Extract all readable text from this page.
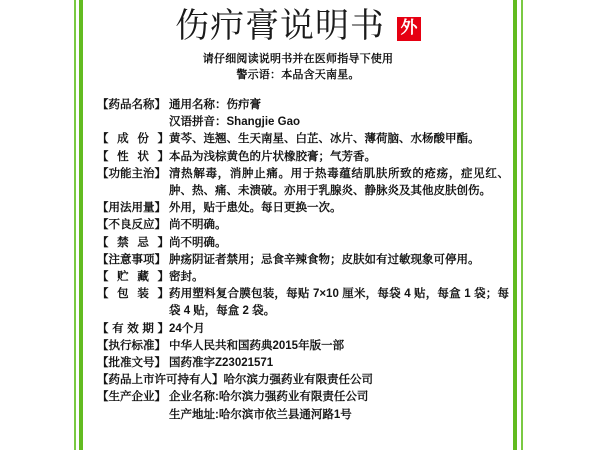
伤疖膏说明书 外
请仔细阅读说明书并在医师指导下使用
警示语：本品含天南星。
【药品名称】 通用名称：伤疖膏
汉语拼音：Shangjie Gao
【 成 份 】 黄芩、连翘、生天南星、白芷、冰片、薄荷脑、水杨酸甲酯。
【 性 状 】 本品为浅棕黄色的片状橡胶膏；气芳香。
【功能主治】 清热解毒，消肿止痛。用于热毒蕴结肌肤所致的疮疡，症见红、肿、热、痛、未溃破。亦用于乳腺炎、静脉炎及其他皮肤创伤。
【用法用量】 外用，贴于患处。每日更换一次。
【不良反应】 尚不明确。
【 禁 忌 】 尚不明确。
【注意事项】 肿疡阴证者禁用；忌食辛辣食物；皮肤如有过敏现象可停用。
【 贮 藏 】 密封。
【 包 装 】 药用塑料复合膜包装，每贴 7×10 厘米，每袋 4 贴，每盒 1 袋；每袋 4 贴，每盒 2 袋。
【 有 效 期 】 24个月
【执行标准】 中华人民共和国药典2015年版一部
【批准文号】 国药准字Z23021571
【药品上市许可持有人】 哈尔滨力强药业有限责任公司
【生产企业】 企业名称:哈尔滨力强药业有限责任公司
生产地址:哈尔滨市依兰县通河路1号
